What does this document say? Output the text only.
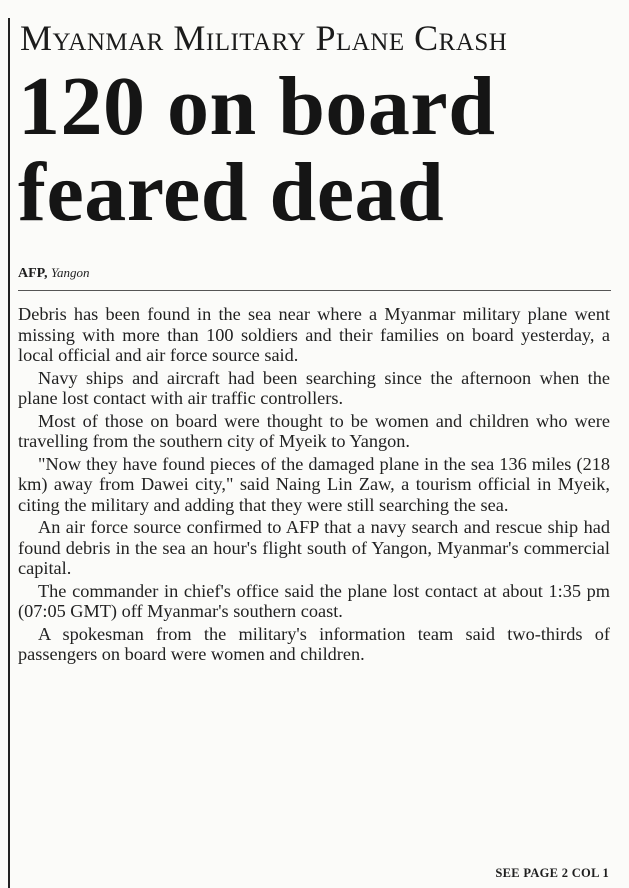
Myanmar Military Plane Crash
120 on board
feared dead
AFP, Yangon

Debris has been found in the sea near where a Myanmar military plane went missing with more than 100 soldiers and their families on board yesterday, a local official and air force source said.

Navy ships and aircraft had been searching since the afternoon when the plane lost contact with air traffic controllers.

Most of those on board were thought to be women and children who were travelling from the southern city of Myeik to Yangon.

"Now they have found pieces of the damaged plane in the sea 136 miles (218 km) away from Dawei city," said Naing Lin Zaw, a tourism official in Myeik, citing the military and adding that they were still searching the sea.

An air force source confirmed to AFP that a navy search and rescue ship had found debris in the sea an hour's flight south of Yangon, Myanmar's commercial capital.

The commander in chief's office said the plane lost contact at about 1:35 pm (07:05 GMT) off Myanmar's southern coast.

A spokesman from the military's information team said two-thirds of passengers on board were women and children.

SEE PAGE 2 COL 1
